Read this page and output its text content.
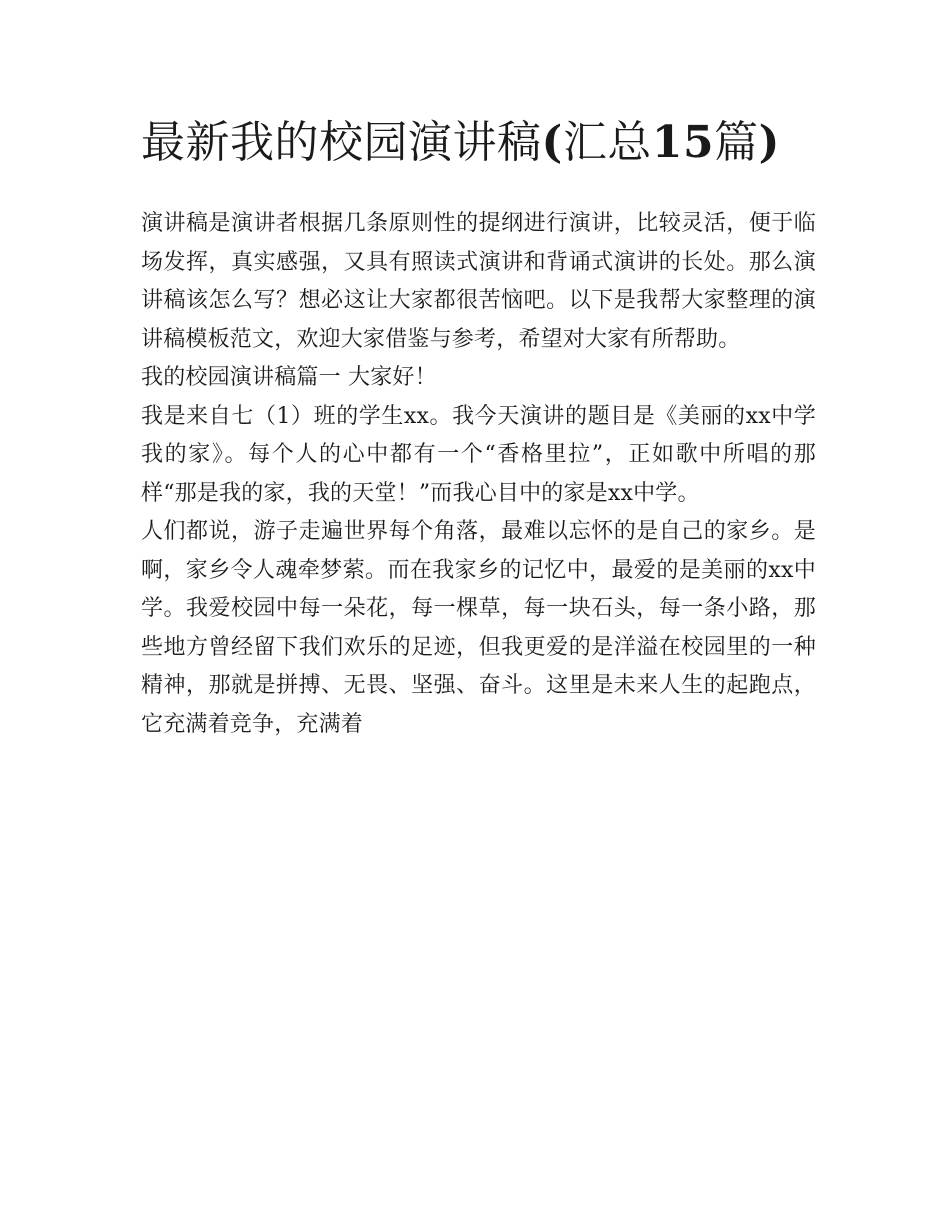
最新我的校园演讲稿(汇总15篇)

演讲稿是演讲者根据几条原则性的提纲进行演讲，比较灵活，便于临场发挥，真实感强，又具有照读式演讲和背诵式演讲的长处。那么演讲稿该怎么写？想必这让大家都很苦恼吧。以下是我帮大家整理的演讲稿模板范文，欢迎大家借鉴与参考，希望对大家有所帮助。

我的校园演讲稿篇一 大家好！

我是来自七（1）班的学生xx。我今天演讲的题目是《美丽的xx中学我的家》。每个人的心中都有一个“香格里拉”，正如歌中所唱的那样“那是我的家，我的天堂！”而我心目中的家是xx中学。

人们都说，游子走遍世界每个角落，最难以忘怀的是自己的家乡。是啊，家乡令人魂牵梦萦。而在我家乡的记忆中，最爱的是美丽的xx中学。我爱校园中每一朵花，每一棵草，每一块石头，每一条小路，那些地方曾经留下我们欢乐的足迹，但我更爱的是洋溢在校园里的一种精神，那就是拼搏、无畏、坚强、奋斗。这里是未来人生的起跑点，它充满着竞争，充满着
